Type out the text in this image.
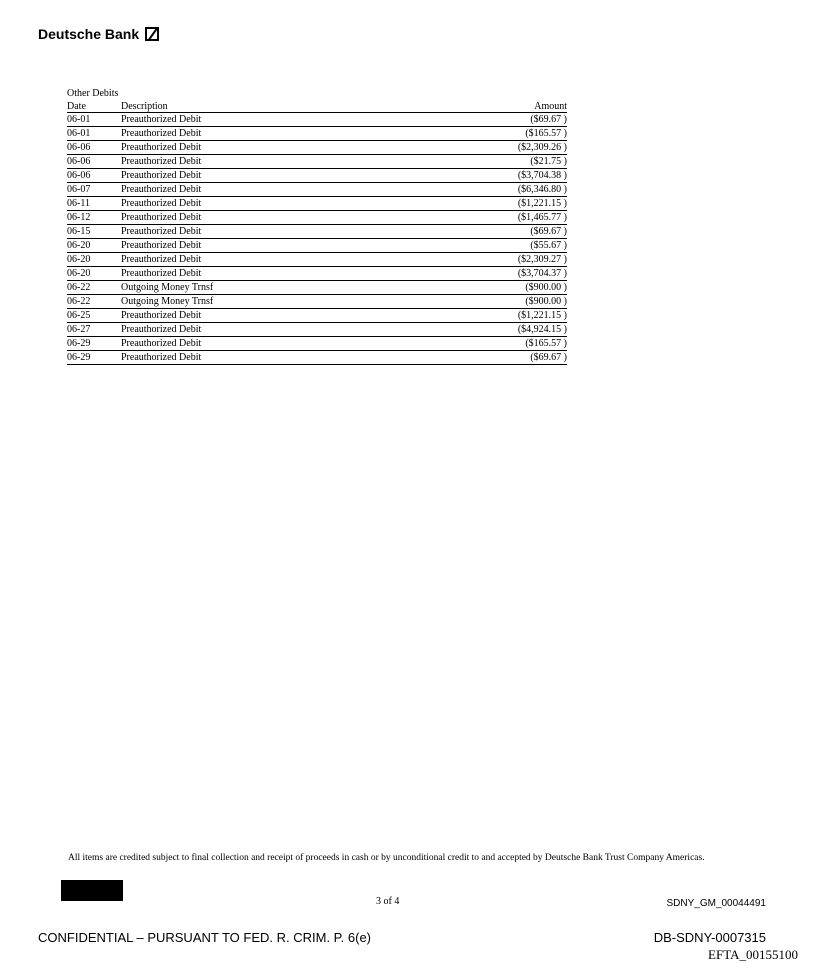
Deutsche Bank
Other Debits
Date	Description	Amount
06-01	Preauthorized Debit	($69.67 )
06-01	Preauthorized Debit	($165.57 )
06-06	Preauthorized Debit	($2,309.26 )
06-06	Preauthorized Debit	($21.75 )
06-06	Preauthorized Debit	($3,704.38 )
06-07	Preauthorized Debit	($6,346.80 )
06-11	Preauthorized Debit	($1,221.15 )
06-12	Preauthorized Debit	($1,465.77 )
06-15	Preauthorized Debit	($69.67 )
06-20	Preauthorized Debit	($55.67 )
06-20	Preauthorized Debit	($2,309.27 )
06-20	Preauthorized Debit	($3,704.37 )
06-22	Outgoing Money Trnsf	($900.00 )
06-22	Outgoing Money Trnsf	($900.00 )
06-25	Preauthorized Debit	($1,221.15 )
06-27	Preauthorized Debit	($4,924.15 )
06-29	Preauthorized Debit	($165.57 )
06-29	Preauthorized Debit	($69.67 )
All items are credited subject to final collection and receipt of proceeds in cash or by unconditional credit to and accepted by Deutsche Bank Trust Company Americas.
3 of 4	SDNY_GM_00044491
CONFIDENTIAL – PURSUANT TO FED. R. CRIM. P. 6(e)	DB-SDNY-0007315
EFTA_00155100
